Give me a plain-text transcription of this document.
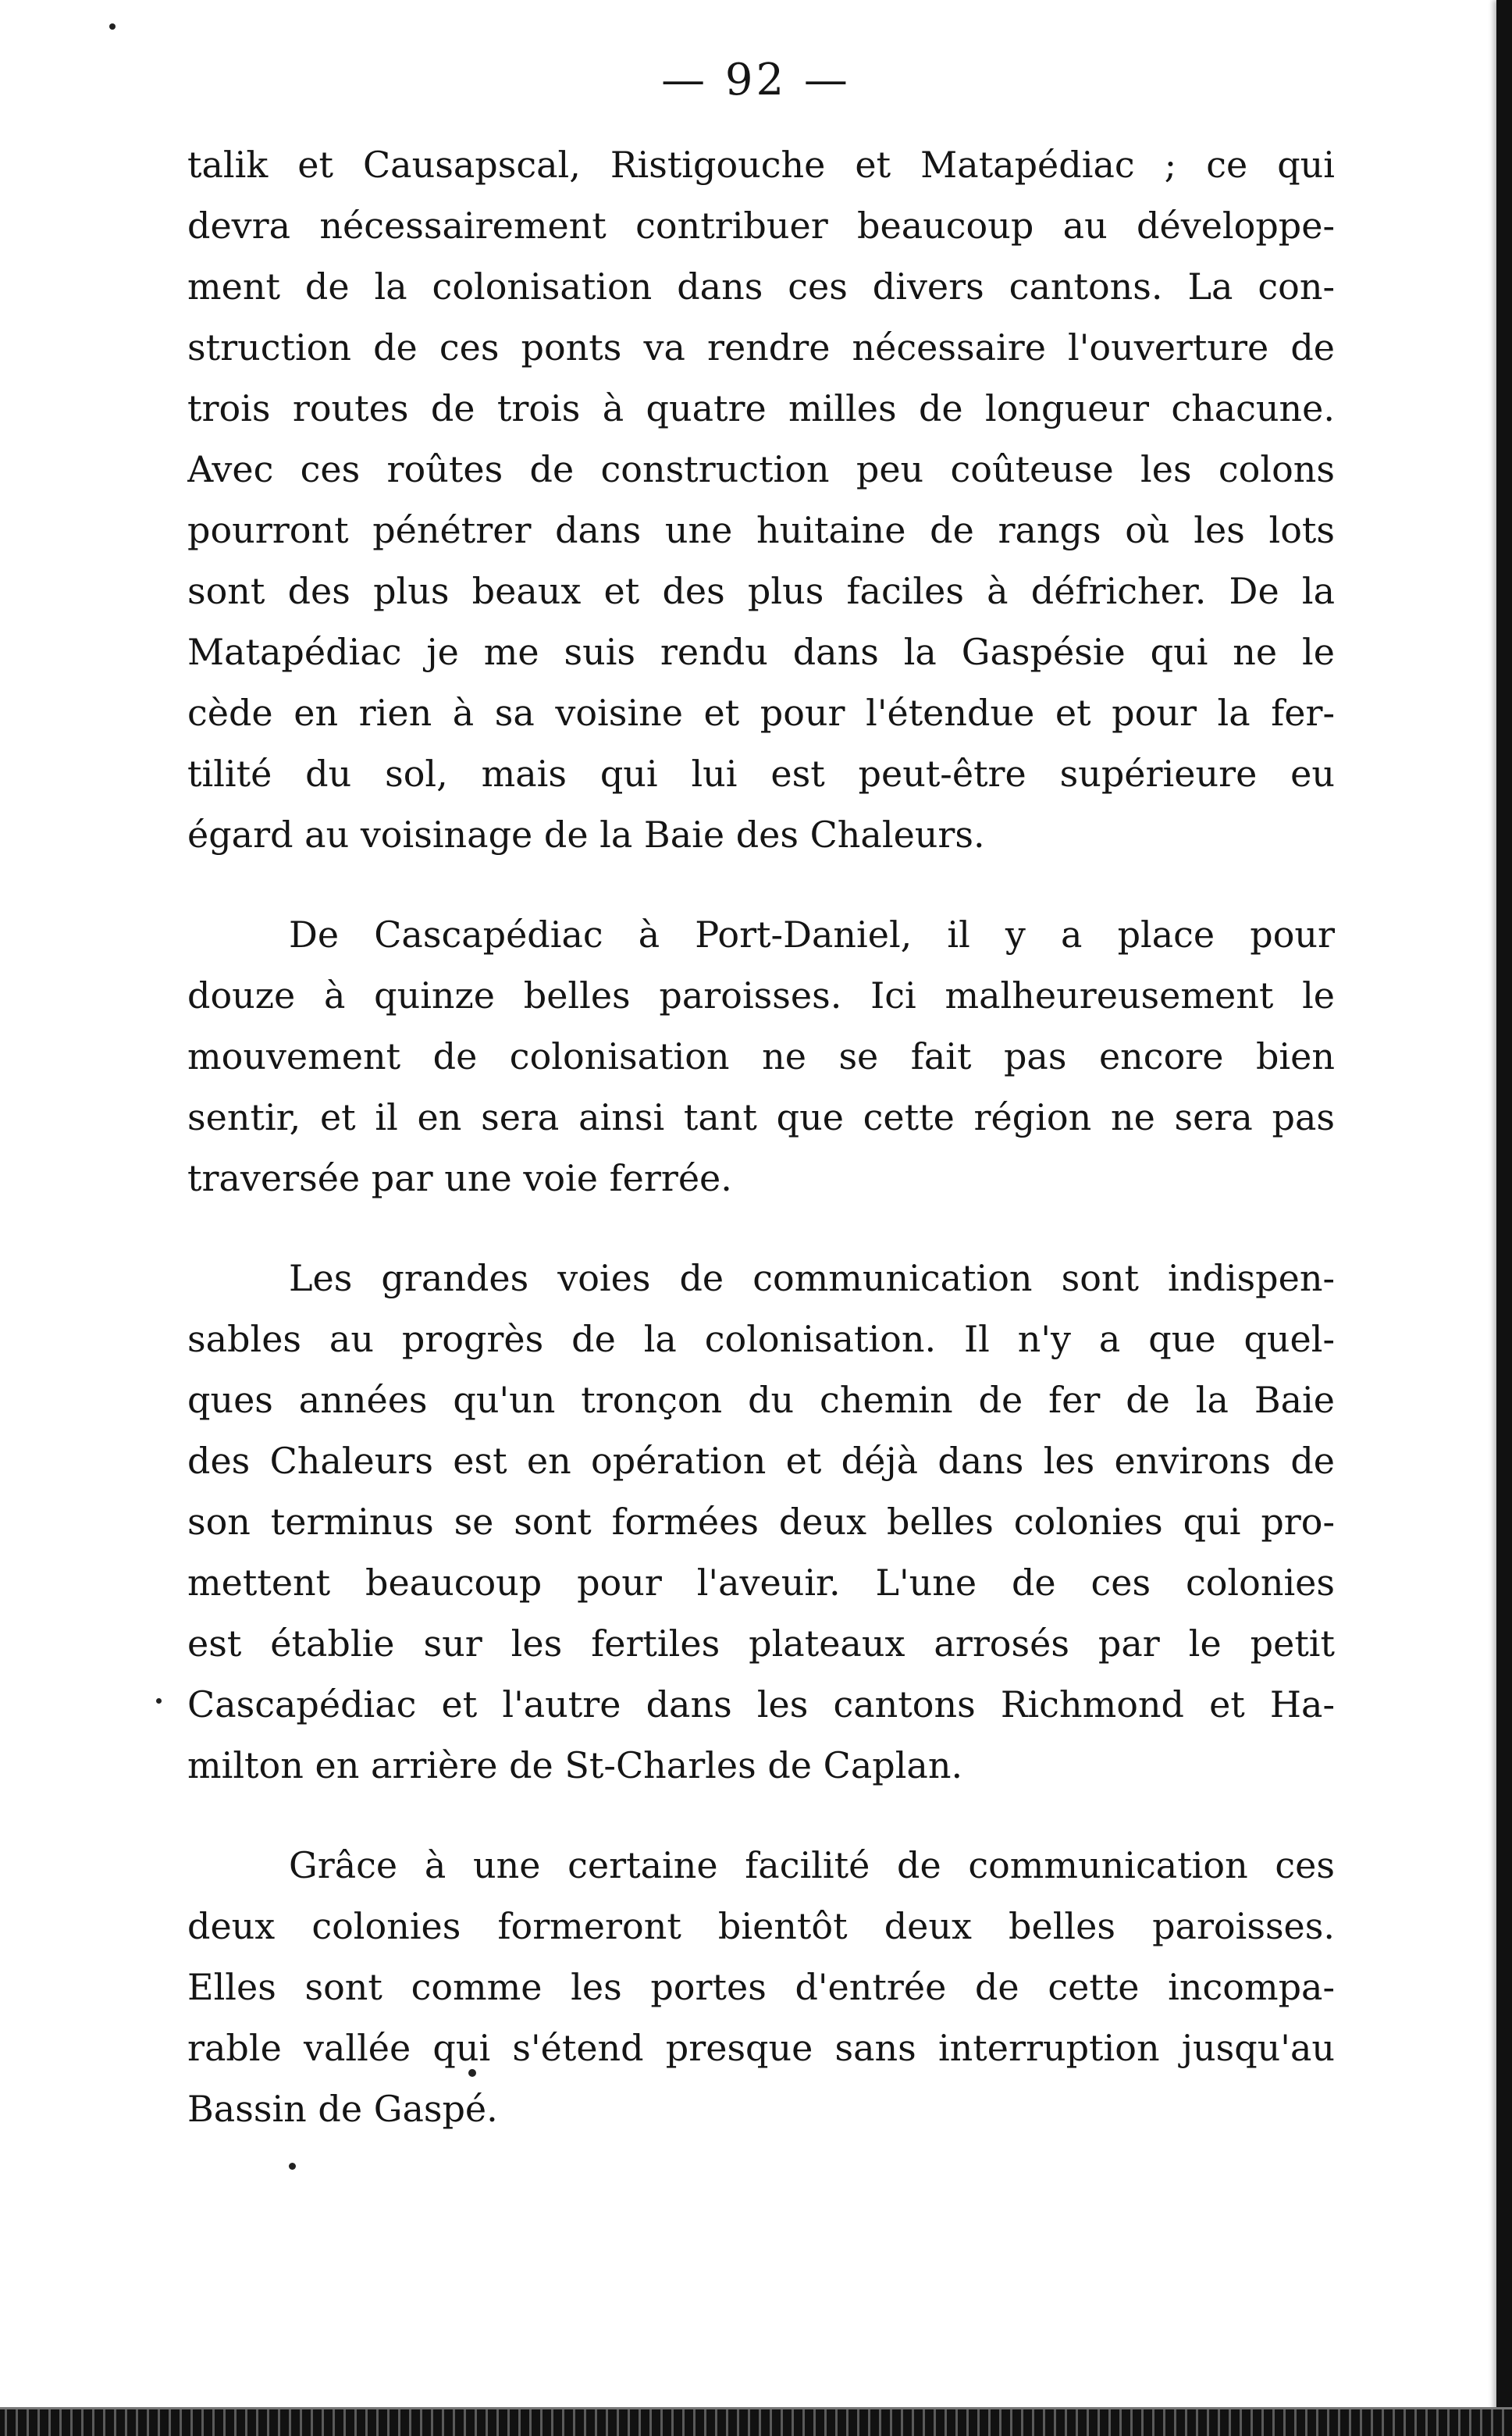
— 92 —
talik et Causapscal, Ristigouche et Matapédiac ; ce qui
devra nécessairement contribuer beaucoup au développe-
ment de la colonisation dans ces divers cantons. La con-
struction de ces ponts va rendre nécessaire l'ouverture de
trois routes de trois à quatre milles de longueur chacune.
Avec ces roûtes de construction peu coûteuse les colons
pourront pénétrer dans une huitaine de rangs où les lots
sont des plus beaux et des plus faciles à défricher. De la
Matapédiac je me suis rendu dans la Gaspésie qui ne le
cède en rien à sa voisine et pour l'étendue et pour la fer-
tilité du sol, mais qui lui est peut-être supérieure eu
égard au voisinage de la Baie des Chaleurs.
De Cascapédiac à Port-Daniel, il y a place pour
douze à quinze belles paroisses. Ici malheureusement le
mouvement de colonisation ne se fait pas encore bien
sentir, et il en sera ainsi tant que cette région ne sera pas
traversée par une voie ferrée.
Les grandes voies de communication sont indispen-
sables au progrès de la colonisation. Il n'y a que quel-
ques années qu'un tronçon du chemin de fer de la Baie
des Chaleurs est en opération et déjà dans les environs de
son terminus se sont formées deux belles colonies qui pro-
mettent beaucoup pour l'aveuir. L'une de ces colonies
est établie sur les fertiles plateaux arrosés par le petit
Cascapédiac et l'autre dans les cantons Richmond et Ha-
milton en arrière de St-Charles de Caplan.
Grâce à une certaine facilité de communication ces
deux colonies formeront bientôt deux belles paroisses.
Elles sont comme les portes d'entrée de cette incompa-
rable vallée qui s'étend presque sans interruption jusqu'au
Bassin de Gaspé.
